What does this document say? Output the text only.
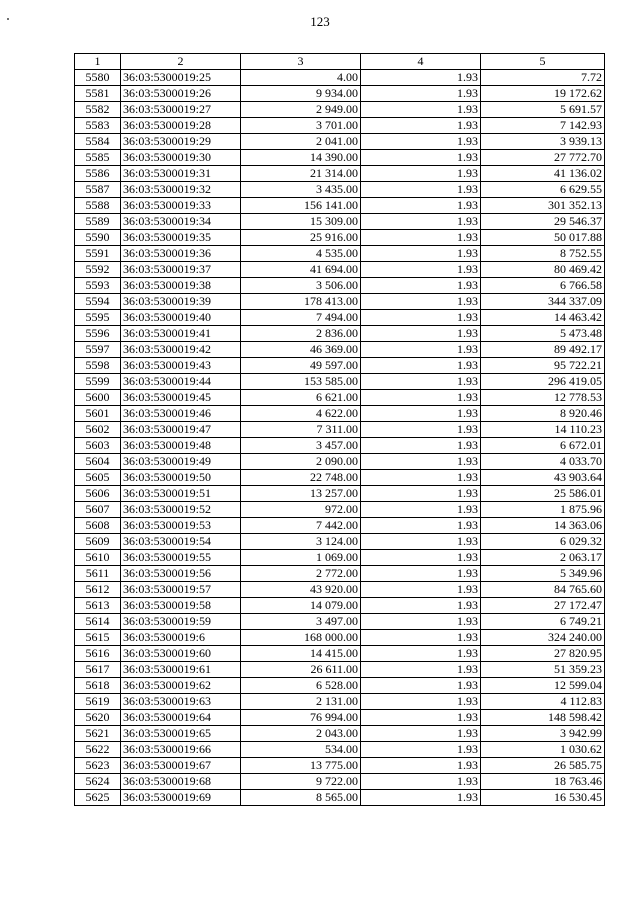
123
1	2	3	4	5
5580	36:03:5300019:25	4.00	1.93	7.72
5581	36:03:5300019:26	9 934.00	1.93	19 172.62
5582	36:03:5300019:27	2 949.00	1.93	5 691.57
5583	36:03:5300019:28	3 701.00	1.93	7 142.93
5584	36:03:5300019:29	2 041.00	1.93	3 939.13
5585	36:03:5300019:30	14 390.00	1.93	27 772.70
5586	36:03:5300019:31	21 314.00	1.93	41 136.02
5587	36:03:5300019:32	3 435.00	1.93	6 629.55
5588	36:03:5300019:33	156 141.00	1.93	301 352.13
5589	36:03:5300019:34	15 309.00	1.93	29 546.37
5590	36:03:5300019:35	25 916.00	1.93	50 017.88
5591	36:03:5300019:36	4 535.00	1.93	8 752.55
5592	36:03:5300019:37	41 694.00	1.93	80 469.42
5593	36:03:5300019:38	3 506.00	1.93	6 766.58
5594	36:03:5300019:39	178 413.00	1.93	344 337.09
5595	36:03:5300019:40	7 494.00	1.93	14 463.42
5596	36:03:5300019:41	2 836.00	1.93	5 473.48
5597	36:03:5300019:42	46 369.00	1.93	89 492.17
5598	36:03:5300019:43	49 597.00	1.93	95 722.21
5599	36:03:5300019:44	153 585.00	1.93	296 419.05
5600	36:03:5300019:45	6 621.00	1.93	12 778.53
5601	36:03:5300019:46	4 622.00	1.93	8 920.46
5602	36:03:5300019:47	7 311.00	1.93	14 110.23
5603	36:03:5300019:48	3 457.00	1.93	6 672.01
5604	36:03:5300019:49	2 090.00	1.93	4 033.70
5605	36:03:5300019:50	22 748.00	1.93	43 903.64
5606	36:03:5300019:51	13 257.00	1.93	25 586.01
5607	36:03:5300019:52	972.00	1.93	1 875.96
5608	36:03:5300019:53	7 442.00	1.93	14 363.06
5609	36:03:5300019:54	3 124.00	1.93	6 029.32
5610	36:03:5300019:55	1 069.00	1.93	2 063.17
5611	36:03:5300019:56	2 772.00	1.93	5 349.96
5612	36:03:5300019:57	43 920.00	1.93	84 765.60
5613	36:03:5300019:58	14 079.00	1.93	27 172.47
5614	36:03:5300019:59	3 497.00	1.93	6 749.21
5615	36:03:5300019:6	168 000.00	1.93	324 240.00
5616	36:03:5300019:60	14 415.00	1.93	27 820.95
5617	36:03:5300019:61	26 611.00	1.93	51 359.23
5618	36:03:5300019:62	6 528.00	1.93	12 599.04
5619	36:03:5300019:63	2 131.00	1.93	4 112.83
5620	36:03:5300019:64	76 994.00	1.93	148 598.42
5621	36:03:5300019:65	2 043.00	1.93	3 942.99
5622	36:03:5300019:66	534.00	1.93	1 030.62
5623	36:03:5300019:67	13 775.00	1.93	26 585.75
5624	36:03:5300019:68	9 722.00	1.93	18 763.46
5625	36:03:5300019:69	8 565.00	1.93	16 530.45
